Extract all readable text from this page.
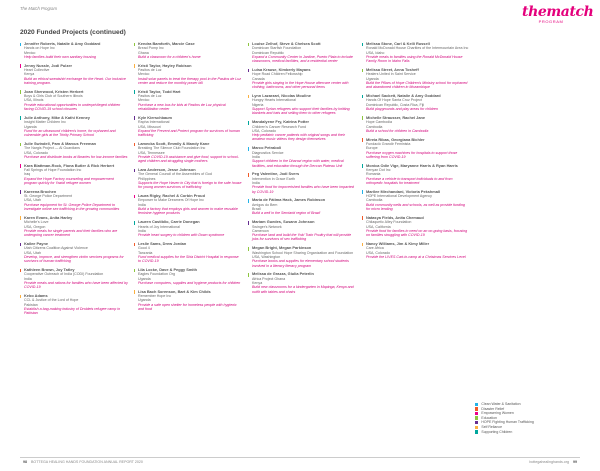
The Match Program	thematch
PROGRAM
2020 Funded Projects (continued)
Jennifer Roberts, Natalie & Amy Goddard
Hands on Hope Inc
Mexico
Help families build their own sanitary housing
Jenny Nussle, Jodi Pulzer
Heart Collective
Kenya
Build an ethical sweatshirt exchange for the Heart. Our inclusive training program.
Joan Sherwood, Kristen Herbert
Boys & Girls Club of Southern Illinois
USA, Illinois
Provide educational opportunities to underprivileged children facing COVID-19 school closures
Julie Anthony, Mike & Kathi Kenney
Insight Matter Children Inc
Uganda
Fund for an ultrasound children's home, for orphaned and vulnerable girls at the Trinity Primary School
Julie Swindell, Pam & Marcus Freeman
The Nargis Project — Al Guardians
USA, Colorado
Purchase and distribute books at libraries for low-income families
Kara Blattman-Rock, Fiona Butler & Rick Herbert
Fall Springs of Hope Foundation Inc
Iraq
Expand the Hope Factory counseling and empowerment program quickly for Yazidi refugee women
Kareena Brochen
St. George Police Department
USA, Utah
Purchase equipment for St. George Police Department to investigate online sex trafficking in the growing communities
Karen Evans, Anita Harley
Michelle's Love
USA, Oregon
Provide meals for single parents and their families who are undergoing cancer treatment
Kailee Payne
Utah Citizens Coalition Against Violence
USA, Utah
Develop, improve, and strengthen victim services programs for survivors of human trafficking
Kathleen Brown, Joy Tatley
Cooperative Outreach of India (CODI) Foundation
India
Provide meals and rations for families who have been affected by COVID-19
Kebo Adams
CCL & Justice of the Lord of Hope
Pakistan
Establish a bag-making industry of Droblets refugee camp in Pakistan
Kendra Bamforth, Marcie Case
Bread Pomp Inc
Ghana
Build a classroom for a children's home
Kristi Taylor, Hayley Robison
Pasitos de Luz
Mexico
Install solar panels to treat the therapy pool in the Pasitos de Luz center and reduce the monthly power bill
Kristi Taylor, Todd Hart
Pasitos de Luz
Mexico
Purchase a new bus for kids at Pasitos de Luz physical rehabilitation center
Kyle Kierschbaum
Rapha International
USA, Missouri
Expand the Prevent and Protect program for survivors of human trafficking
Lamecka Scott, Emmily & Mandy Kane
Breaking The Silence Club Foundation Inc
USA, Tennessee
Provide COVID-19 assistance and give food, support to school-aged children and struggling single mothers
Lara Anderson, Jesse Johnson
The General Council of the Assemblies of God
Philippines
Supports the Hope Haven in City that is foreign to the safe house for young women survivors of trafficking
Laura Rigby, Rachel & Corbin Proud
Empower to Make Dreamers Of Hope Inc
India
Build a factory that employs girls and women to make reusable feminine hygiene products
Lauren Castiblio, Carrie Donegan
Hearts of Joy International
India
Provide heart surgery to children with Down syndrome
Leslie Sams, Drew Jordan
Good 4
Tanzania
Fund medical supplies for the Shia District Hospital in response to COVID-19
Lila Locke, Dave & Peggy Smith
Eagles Foundation Org
Uganda
Purchase computers, supplies and hygiene products for children
Lisa Bach Sorenson, Bart & Kim Childs
Remember Hope Inc
Uganda
Provide a safe open shelter for homeless people with hygienic and food
Louise Zelhof, Steve & Chelsea Scott
Dominican Starfish Foundation
Dominican Republic
Expand a Community Center in Jardine, Puerto Plata to include classrooms, medical facilities, and a residential center
Luisa Krause, Kimberly Mayans
Hope Road Children Fellowship
Canada
Provide girls staying in the Hope House aftercare center with clothing, bathrooms, and other personal items
Lynn Lazarzari, Nicolas Mouline
Hungry Hearts International
Nigeria
Support Syrian refugees who support their families by knitting blankets and hats and selling them to other refugees
Mandalyene Fry, Katrina Potter
Children's Cancer Research Fund
USA, Colorado
Help pediatric cancer patients with original songs and their amateur music videos they design themselves
Marco Petraboli
Diagnostics Service
India
Support children in the Dharavi region with water, medical facilities, and education through the Deccan Plateau Unit
Peg Valentine, Jodi Svers
Intervention in Grace Earth
India
Provide food for impoverished families who have been impacted by COVID-19
Maria de Fátima Hack, James Robinson
Amigos do Bem
Brazil
Build a well in the Semiarid region of Brazil
Mariam Guedes, Susann Johnson
Swinger's Network
Cameroon
Purchase land and build the Yoki Train Poultry that will provide jobs for survivors of sex trafficking
Megan Bright, Megan Parkinson
Washington School Hope Sharing Organization and Foundation
USA, Washington
Purchase books and supplies for elementary school students involved in a literacy literacy program
Melissa de Grazza, Giulia Peterlin
Africa Project Ghana
Kenya
Build new classrooms for a kindergarten in Mapinga, Kenya and outfit with tables and chairs
Melissa Stone, Carl & Kelli Russell
Ronald McDonald House Charities of the Intermountain Area Inc
USA, Idaho
Provide meals to families using the Ronald McDonald House Family Room in Idaho Falls
Melissa Street, Anna Tosheff
Healers United in Saint Service
Uganda
Build the Pillars of Hope Children's Ministry school for orphaned and abandoned children in Mozambique
Michael Sackett, Natalie & Amy Goddard
Hands Of Hope Santa Cruz Project
Dominican Republic, Costa Rica, Fiji
Build playgrounds and play areas for children
Michelle Strausser, Rachel Jane
Hope Cambodia
Cambodia
Build a school for children in Cambodia
Mireia Ribas, Georgiana Bichler
Fundació Grandir Feminista
Europe
Purchase oxygen machines for hospitals to support those suffering from COVID-19
Monica Odie Vige, Maryanne Harris & Ryan Harris
Kenyan Dot Inc
Romania
Purchase a vehicle to transport individuals to and from orthopedic hospitals for treatment
Marilee Mirchandani, Victoria Pekshmall
HOPE International Development Agency
Cambodia
Build community wells and schools, as well as provide funding for micro lending
Natasya Fields, Anita Chemaud
Chilaquetic Alley Foundation
USA, California
Provide food for families in need on an on-going basis, focusing on families struggling with COVID-19
Nancy Williams, Jim & Kimy Miller
Care Africa
USA, Colorado
Provide the LIVES Cart-in-camp at a Christmas Services Level
Clean Water & Sanitation
Disaster Relief
Empowering Women
Education
HOPE Fighting Human Trafficking
Self Reliance
Supporting Children
98 BOTTEGA HEALING HANDS FOUNDATION ANNUAL REPORT 2020	bottegahealinghands.org 99
